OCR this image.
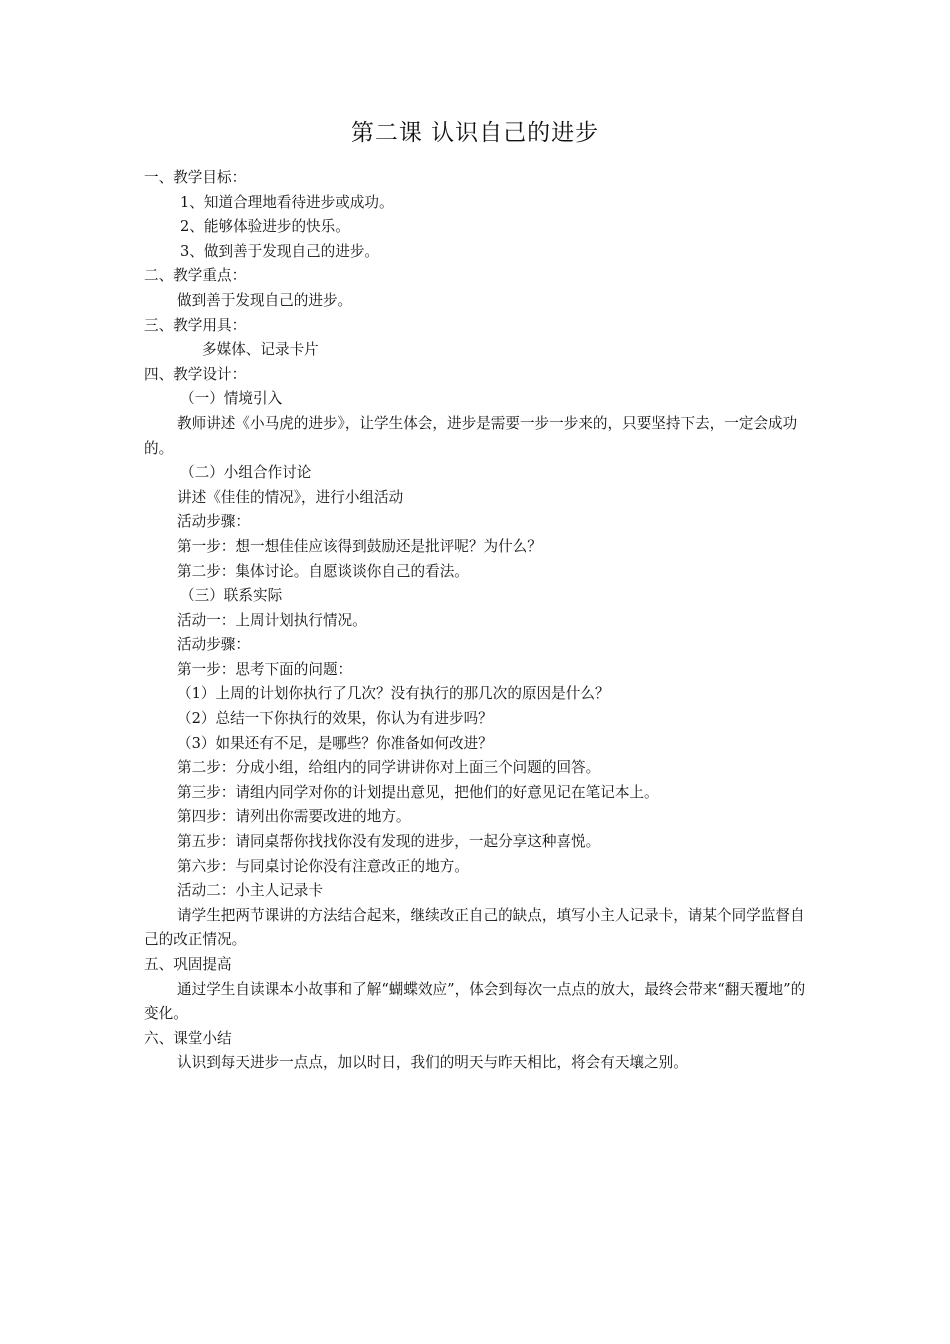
第二课 认识自己的进步

一、教学目标：

1、知道合理地看待进步或成功。

2、能够体验进步的快乐。

3、做到善于发现自己的进步。

二、教学重点：

做到善于发现自己的进步。

三、教学用具：

多媒体、记录卡片

四、教学设计：

（一）情境引入

教师讲述《小马虎的进步》，让学生体会，进步是需要一步一步来的，只要坚持下去，一定会成功的。

（二）小组合作讨论

讲述《佳佳的情况》，进行小组活动

活动步骤：

第一步：想一想佳佳应该得到鼓励还是批评呢？为什么？

第二步：集体讨论。自愿谈谈你自己的看法。

（三）联系实际

活动一：上周计划执行情况。

活动步骤：

第一步：思考下面的问题：

（1）上周的计划你执行了几次？没有执行的那几次的原因是什么？

（2）总结一下你执行的效果，你认为有进步吗？

（3）如果还有不足，是哪些？你准备如何改进？

第二步：分成小组，给组内的同学讲讲你对上面三个问题的回答。

第三步：请组内同学对你的计划提出意见，把他们的好意见记在笔记本上。

第四步：请列出你需要改进的地方。

第五步：请同桌帮你找找你没有发现的进步，一起分享这种喜悦。

第六步：与同桌讨论你没有注意改正的地方。

活动二：小主人记录卡

请学生把两节课讲的方法结合起来，继续改正自己的缺点，填写小主人记录卡，请某个同学监督自己的改正情况。

五、巩固提高

通过学生自读课本小故事和了解“蝴蝶效应”，体会到每次一点点的放大，最终会带来“翻天覆地”的变化。

六、课堂小结

认识到每天进步一点点，加以时日，我们的明天与昨天相比，将会有天壤之别。
